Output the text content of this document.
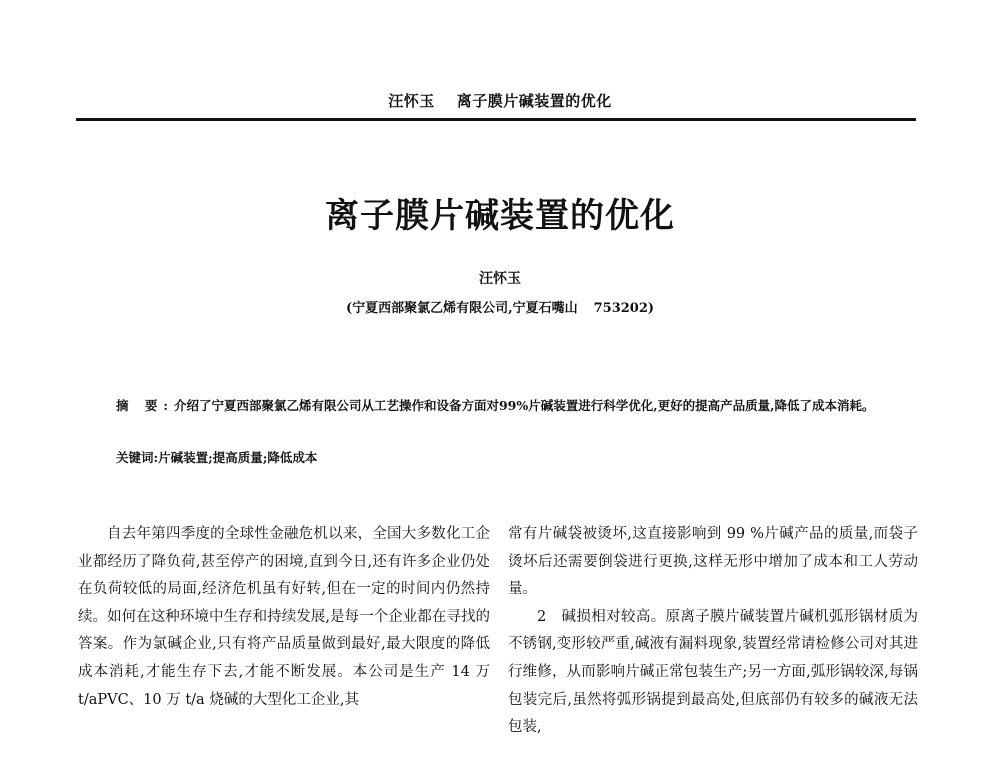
汪怀玉 离子膜片碱装置的优化
离子膜片碱装置的优化
汪怀玉
(宁夏西部聚氯乙烯有限公司,宁夏石嘴山 753202)
摘 要:介绍了宁夏西部聚氯乙烯有限公司从工艺操作和设备方面对99%片碱装置进行科学优化,更好的提高产品质量,降低了成本消耗。
关键词:片碱装置;提高质量;降低成本

自去年第四季度的全球性金融危机以来，全国大多数化工企业都经历了降负荷,甚至停产的困境,直到今日,还有许多企业仍处在负荷较低的局面,经济危机虽有好转,但在一定的时间内仍然持续。如何在这种环境中生存和持续发展,是每一个企业都在寻找的答案。作为氯碱企业,只有将产品质量做到最好,最大限度的降低成本消耗,才能生存下去,才能不断发展。本公司是生产 14 万 t/aPVC、10 万 t/a 烧碱的大型化工企业,其

常有片碱袋被烫坏,这直接影响到 99 %片碱产品的质量,而袋子烫坏后还需要倒袋进行更换,这样无形中增加了成本和工人劳动量。

2　碱损相对较高。原离子膜片碱装置片碱机弧形锅材质为不锈钢,变形较严重,碱液有漏料现象,装置经常请检修公司对其进行维修，从而影响片碱正常包装生产;另一方面,弧形锅较深,每锅包装完后,虽然将弧形锅提到最高处,但底部仍有较多的碱液无法包装,
